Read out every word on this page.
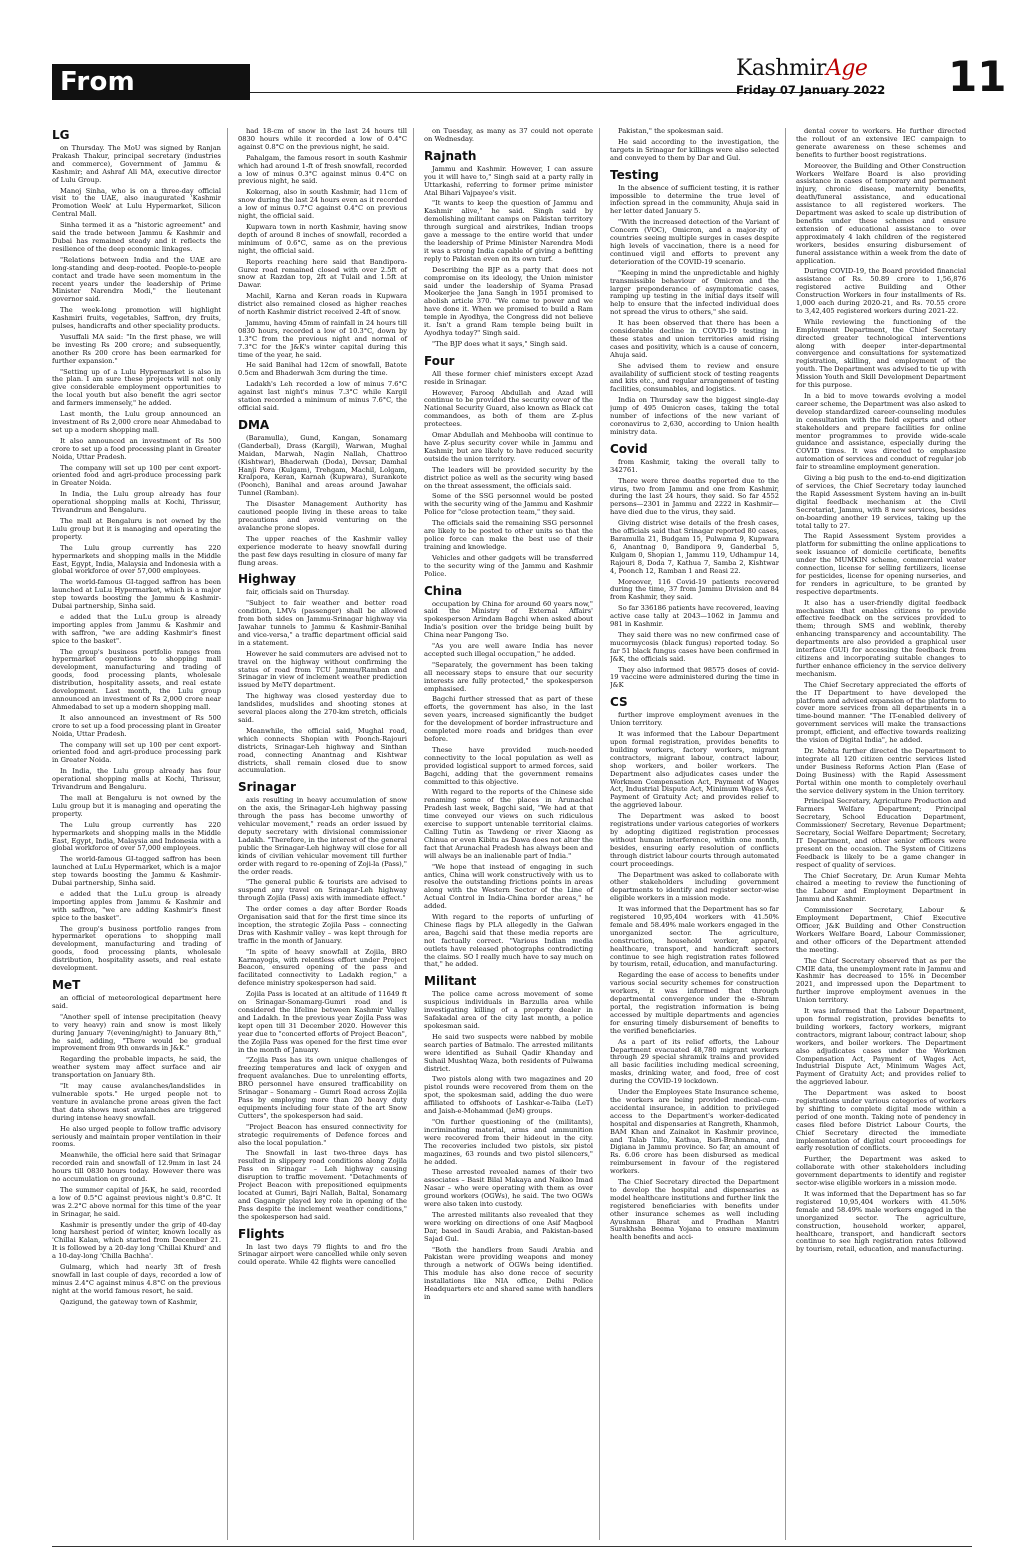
From Page....01
KashmirAge
Friday 07 January 2022	11
LG

on Thursday. The MoU was signed by Ranjan Prakash Thakur, principal secretary (industries and commerce), Government of Jammu & Kashmir; and Ashraf Ali MA, executive director of Lulu Group.

Manoj Sinha, who is on a three-day official visit to the UAE, also inaugurated 'Kashmir Promotion Week' at Lulu Hypermarket, Silicon Central Mall.

Sinha termed it as a "historic agreement" and said the trade between Jammu & Kashmir and Dubai has remained steady and it reflects the resilience of the deep economic linkages.

"Relations between India and the UAE are long-standing and deep-rooted. People-to-people contact and trade have seen momentum in the recent years under the leadership of Prime Minister Narendra Modi," the lieutenant governor said.

The week-long promotion will highlight Kashmiri fruits, vegetables, Saffron, dry fruits, pulses, handicrafts and other speciality products.

Yusuffali MA said: "In the first phase, we will be investing Rs 200 crore; and subsequently, another Rs 200 crore has been earmarked for further expansion."

"Setting up of a Lulu Hypermarket is also in the plan. I am sure these projects will not only give considerable employment opportunities to the local youth but also benefit the agri sector and farmers immensely," he added.

Last month, the Lulu group announced an investment of Rs 2,000 crore near Ahmedabad to set up a modern shopping mall.

It also announced an investment of Rs 500 crore to set up a food processing plant in Greater Noida, Uttar Pradesh.

The company will set up 100 per cent export-oriented food and agri-produce processing park in Greater Noida.

In India, the Lulu group already has four operational shopping malls at Kochi, Thrissur, Trivandrum and Bengaluru.

The mall at Bengaluru is not owned by the Lulu group but it is managing and operating the property.

The Lulu group currently has 220 hypermarkets and shopping malls in the Middle East, Egypt, India, Malaysia and Indonesia with a global workforce of over 57,000 employees.

The world-famous GI-tagged saffron has been launched at LuLu Hypermarket, which is a major step towards boosting the Jammu & Kashmir-Dubai partnership, Sinha said.

e added that the LuLu group is already importing apples from Jammu & Kashmir and with saffron, "we are adding Kashmir's finest spice to the basket".

The group's business portfolio ranges from hypermarket operations to shopping mall development, manufacturing and trading of goods, food processing plants, wholesale distribution, hospitality assets, and real estate development. Last month, the Lulu group announced an investment of Rs 2,000 crore near Ahmedabad to set up a modern shopping mall.

It also announced an investment of Rs 500 crore to set up a food processing plant in Greater Noida, Uttar Pradesh.

The company will set up 100 per cent export-oriented food and agri-produce processing park in Greater Noida.

In India, the Lulu group already has four operational shopping malls at Kochi, Thrissur, Trivandrum and Bengaluru.

The mall at Bengaluru is not owned by the Lulu group but it is managing and operating the property.

The Lulu group currently has 220 hypermarkets and shopping malls in the Middle East, Egypt, India, Malaysia and Indonesia with a global workforce of over 57,000 employees.

The world-famous GI-tagged saffron has been launched at LuLu Hypermarket, which is a major step towards boosting the Jammu & Kashmir-Dubai partnership, Sinha said.

e added that the LuLu group is already importing apples from Jammu & Kashmir and with saffron, "we are adding Kashmir's finest spice to the basket".

The group's business portfolio ranges from hypermarket operations to shopping mall development, manufacturing and trading of goods, food processing plants, wholesale distribution, hospitality assets, and real estate development.

MeT

an official of meteorological department here said.

"Another spell of intense precipitation (heavy to very heavy) rain and snow is most likely during January 7(evening/night) to January 8th," he said, adding, "There would be gradual improvement from 9th onwards in J&K."

Regarding the probable impacts, he said, the weather system may affect surface and air transportation on January 8th.

"It may cause avalanches/landslides in vulnerable spots." He urged people not to venture in avalanche prone areas given the fact that data shows most avalanches are triggered during intense heavy snowfall.

He also urged people to follow traffic advisory seriously and maintain proper ventilation in their rooms.

Meanwhile, the official here said that Srinagar recorded rain and snowfall of 12.9mm in last 24 hours till 0830 hours today. However there was no accumulation on ground.

The summer capital of J&K, he said, recorded a low of 0.5°C against previous night's 0.8°C. It was 2.2°C above normal for this time of the year in Srinagar, he said.

Kashmir is presently under the grip of 40-day long harshest period of winter, known locally as 'Chillai Kalan, which started from December 21. It is followed by a 20-day long 'Chillai Khurd' and a 10-day-long 'Chilla Bachha'.

Gulmarg, which had nearly 3ft of fresh snowfall in last couple of days, recorded a low of minus 2.4°C against minus 4.8°C on the previous night at the world famous resort, he said.

Qazigund, the gateway town of Kashmir,

had 18-cm of snow in the last 24 hours till 0830 hours while it recorded a low of 0.4°C against 0.8°C on the previous night, he said.

Pahalgam, the famous resort in south Kashmir which had around 1-ft of fresh snowfall, recorded a low of minus 0.3°C against minus 0.4°C on previous night, he said.

Kokernag, also in south Kashmir, had 11cm of snow during the last 24 hours even as it recorded a low of minus 0.7°C against 0.4°C on previous night, the official said.

Kupwara town in north Kashmir, having snow depth of around 8 inches of snowfall, recorded a minimum of 0.6°C, same as on the previous night, the official said.

Reports reaching here said that Bandipora-Gurez road remained closed with over 2.5ft of snow at Razdan top, 2ft at Tulail and 1.5ft at Dawar.

Machil, Karna and Keran roads in Kupwara district also remained closed as higher reaches of north Kashmir district received 2-4ft of snow.

Jammu, having 45mm of rainfall in 24 hours till 0830 hours, recorded a low of 10.3°C, down by 1.3°C from the previous night and normal of 7.3°C for the J&K's winter capital during this time of the year, he said.

He said Banihal had 12cm of snowfall, Batote 0.5cm and Bhaderwah 3cm during the time.

Ladakh's Leh recorded a low of minus 7.6°C against last night's minus 7.3°C while Kargil station recorded a minimum of minus 7.6°C, the official said.

DMA

(Baramulla), Gund, Kangan, Sonamarg (Ganderbal), Drass (Kargil), Warwan, Mughal Maidan, Marwah, Nagin Nallah, Chattroo (Kishtwar), Bhaderwah (Doda), Devsar, Damhal Hanji Pora (Kulgam), Trehgam, Machil, Lolgam, Kralpora, Keran, Karnah (Kupwara), Surankote (Poonch), Banihal and areas around Jawahar Tunnel (Ramban).

The Disaster Management Authority has cautioned people living in these areas to take precautions and avoid venturing on the avalanche prone slopes.

The upper reaches of the Kashmir valley experience moderate to heavy snowfall during the past few days resulting in closure of many far flung areas.

Highway

fair, officials said on Thursday.

"Subject to fair weather and better road condition, LMVs (passenger) shall be allowed from both sides on Jammu-Srinagar highway via Jawahar tunnels to Jammu & Kashmir-Banihal and vice-versa," a traffic department official said in a statement.

However he said commuters are advised not to travel on the highway without confirming the status of road from TCU Jammu/Ramban and Srinagar in view of inclement weather prediction issued by MeTY department.

The highway was closed yesterday due to landslides, mudslides and shooting stones at several places along the 270-km stretch, officials said.

Meanwhile, the official said, Mughal road, which connects Shopian with Poonch-Rajouri districts, Srinagar-Leh highway and Sinthan road, connecting Anantnag and Kishtwar districts, shall remain closed due to snow accumulation.

Srinagar

axis resulting in heavy accumulation of snow on the axis, the Srinagar-Leh highway passing through the pass has become unworthy of vehicular movement," reads an order issued by deputy secretary with divisional commissioner Ladakh. "Therefore, in the interest of the general public the Srinagar-Leh highway will close for all kinds of civilian vehicular movement till further order with regard to re-opening of Zoji-la (Pass)," the order reads.

"The general public & tourists are advised to suspend any travel on Srinagar-Leh highway through Zojila (Pass) axis with immediate effect."

The order comes a day after Border Roads Organisation said that for the first time since its inception, the strategic Zojila Pass – connecting Dras with Kashmir valley – was kept through for traffic in the month of January.

"In spite of heavy snowfall at Zojila, BRO Karmayogis, with relentless effort under Project Beacon, ensured opening of the pass and facilitated connectivity to Ladakh region," a defence ministry spokesperson had said.

Zojila Pass is located at an altitude of 11649 ft on Srinagar-Sonamarg-Gumri road and is considered the lifeline between Kashmir Valley and Ladakh. In the previous year Zojila Pass was kept open till 31 December 2020. However this year due to "concerted efforts of Project Beacon", the Zojila Pass was opened for the first time ever in the month of January.

"Zojila Pass has its own unique challenges of freezing temperatures and lack of oxygen and frequent avalanches. Due to unrelenting efforts, BRO personnel have ensured trafficability on Srinagar – Sonamarg – Gumri Road across Zojila Pass by employing more than 20 heavy duty equipments including four state of the art Snow Cutters", the spokesperson had said.

"Project Beacon has ensured connectivity for strategic requirements of Defence forces and also the local population."

The Snowfall in last two-three days has resulted in slippery road conditions along Zojila Pass on Srinagar – Leh highway causing disruption to traffic movement. "Detachments of Project Beacon with prepositioned equipments located at Gumri, Bajri Nallah, Baltal, Sonamarg and Gagangir played key role in opening of the Pass despite the inclement weather conditions," the spokesperson had said.

Flights

In last two days 79 flights to and fro the Srinagar airport were cancelled while only seven could operate. While 42 flights were cancelled

on Tuesday, as many as 37 could not operate on Wednesday.

Rajnath

Jammu and Kashmir. However, I can assure you it will have to," Singh said at a party rally in Uttarkashi, referring to former prime minister Atal Bihari Vajpayee's visit.

"It wants to keep the question of Jammu and Kashmir alive," he said. Singh said by demolishing militant camps on Pakistan territory through surgical and airstrikes, Indian troops gave a message to the entire world that under the leadership of Prime Minister Narendra Modi it was a strong India capable of giving a befitting reply to Pakistan even on its own turf.

Describing the BJP as a party that does not compromise on its ideology, the Union minister said under the leadership of Syama Prasad Mookerjee the Jana Sangh in 1951 promised to abolish article 370. "We came to power and we have done it. When we promised to build a Ram temple in Ayodhya, the Congress did not believe it. Isn't a grand Ram temple being built in Ayodhya today?" Singh said.

"The BJP does what it says," Singh said.

Four

All these former chief ministers except Azad reside in Srinagar.

However, Farooq Abdullah and Azad will continue to be provided the security cover of the National Security Guard, also known as Black cat commandoes, as both of them are Z-plus protectees.

Omar Abdullah and Mehbooba will continue to have Z-plus security cover while in Jammu and Kashmir, but are likely to have reduced security outside the union territory.

The leaders will be provided security by the district police as well as the security wing based on the threat assessment, the officials said.

Some of the SSG personnel would be posted with the security wing of the Jammu and Kashmir Police for "close protection team," they said.

The officials said the remaining SSG personnel are likely to be posted to other units so that the police force can make the best use of their training and knowledge.

Vehicles and other gadgets will be transferred to the security wing of the Jammu and Kashmir Police.

China

occupation by China for around 60 years now," said the Ministry of External Affairs' spokesperson Arindam Bagchi when asked about India's position over the bridge being built by China near Pangong Tso.

"As you are well aware India has never accepted such illegal occupation," he added.

"Separately, the government has been taking all necessary steps to ensure that our security interests are fully protected," the spokesperson emphasised.

Bagchi further stressed that as part of these efforts, the government has also, in the last seven years, increased significantly the budget for the development of border infrastructure and completed more roads and bridges than ever before.

These have provided much-needed connectivity to the local population as well as provided logistical support to armed forces, said Bagchi, adding that the government remains committed to this objective.

With regard to the reports of the Chinese side renaming some of the places in Arunachal Pradesh last week, Bagchi said, "We had at that time conveyed our views on such ridiculous exercise to support untenable territorial claims. Calling Tutin as Tawdeng or river Xiaong as Chinua or even Kibitu as Dawa does not alter the fact that Arunachal Pradesh has always been and will always be an inalienable part of India."

"We hope that instead of engaging in such antics, China will work constructively with us to resolve the outstanding frictions points in areas along with the Western Sector of the Line of Actual Control in India-China border areas," he added.

With regard to the reports of unfurling of Chinese flags by PLA allegedly in the Galwan area, Bagchi said that these media reports are not factually correct. "Various Indian media outlets have released photographs contradicting the claims. SO I really much have to say much on that," he added.

Militant

The police came across movement of some suspicious individuals in Barzulla area while investigating killing of a property dealer in Safakadal area of the city last month, a police spokesman said.

He said two suspects were nabbed by mobile search parties of Batmalo. The arrested militants were identified as Suhail Qadir Khanday and Suhail Mushtaq Waza, both residents of Pulwama district.

Two pistols along with two magazines and 20 pistol rounds were recovered from them on the spot, the spokesman said, adding the duo were affiliated to offshoots of Lashkar-e-Taiba (LeT) and Jaish-e-Mohammad (JeM) groups.

"On further questioning of the (militants), incriminating material, arms and ammunition were recovered from their hideout in the city. The recoveries included two pistols, six pistol magazines, 63 rounds and two pistol silencers," he added.

These arrested revealed names of their two associates – Basit Bilal Makaya and Naikoo Imad Nasar – who were operating with them as over ground workers (OGWs), he said. The two OGWs were also taken into custody.

The arrested militants also revealed that they were working on directions of one Asif Maqbool Dar, based in Saudi Arabia, and Pakistan-based Sajad Gul.

"Both the handlers from Saudi Arabia and Pakistan were providing weapons and money through a network of OGWs being identified. This module has also done recce of security installations like NIA office, Delhi Police Headquarters etc and shared same with handlers in

Pakistan," the spokesman said.

He said according to the investigation, the targets in Srinagar for killings were also selected and conveyed to them by Dar and Gul.

Testing

In the absence of sufficient testing, it is rather impossible to determine the true level of infection spread in the community, Ahuja said in her letter dated January 5.

"With the increased detection of the Variant of Concern (VOC), Omicron, and a major-ity of countries seeing multiple surges in cases despite high levels of vaccination, there is a need for continued vigil and efforts to prevent any deterioration of the COVID-19 scenario.

"Keeping in mind the unpredictable and highly transmissible behaviour of Omicron and the larger preponderance of asymptomatic cases, ramping up testing in the initial days itself will help to ensure that the infected individual does not spread the virus to others," she said.

It has been observed that there has been a considerable decline in COVID-19 testing in these states and union territories amid rising cases and positivity, which is a cause of concern, Ahuja said.

She advised them to review and ensure availability of sufficient stock of testing reagents and kits etc., and regular arrangement of testing facilities, consumables, and logistics.

India on Thursday saw the biggest single-day jump of 495 Omicron cases, taking the total number of infections of the new variant of coronavirus to 2,630, according to Union health ministry data.

Covid

from Kashmir, taking the overall tally to 342761.

There were three deaths reported due to the virus, two from Jammu and one from Kashmir, during the last 24 hours, they said. So far 4552 persons—2301 in Jammu and 2222 in Kashmir—have died due to the virus, they said.

Giving district wise details of the fresh cases, the officials said that Srinagar reported 80 cases, Baramulla 21, Budgam 15, Pulwama 9, Kupwara 6, Anantnag 0, Bandipora 9, Ganderbal 5, Kulgam 0, Shopian 1, Jammu 119, Udhampur 14, Rajouri 8, Doda 7, Kathua 7, Samba 2, Kishtwar 4, Poonch 12, Ramban 1 and Reasi 22.

Moreover, 116 Covid-19 patients recovered during the time, 37 from Jammu Division and 84 from Kashmir, they said.

So far 336186 patients have recovered, leaving active case tally at 2043—1062 in Jammu and 981 in Kashmir.

They said there was no new confirmed case of mucormycosis (black fungus) reported today. So far 51 black fungus cases have been confirmed in J&K, the officials said.

They also informed that 98575 doses of covid-19 vaccine were administered during the time in J&K

CS

further improve employment avenues in the Union territory.

It was informed that the Labour Department upon formal registration, provides benefits to building workers, factory workers, migrant contractors, migrant labour, contract labour, shop workers, and boiler workers. The Department also adjudicates cases under the Workmen Compensation Act, Payment of Wages Act, Industrial Dispute Act, Minimum Wages Act, Payment of Gratuity Act; and provides relief to the aggrieved labour.

The Department was asked to boost registrations under various categories of workers by adopting digitized registration processes without human interference, within one month, besides, ensuring early resolution of conflicts through district labour courts through automated court proceedings.

The Department was asked to collaborate with other stakeholders including government departments to identify and register sector-wise eligible workers in a mission mode.

It was informed that the Department has so far registered 10,95,404 workers with 41.50% female and 58.49% male workers engaged in the unorganized sector. The agriculture, construction, household worker, apparel, healthcare, transport, and handicraft sectors continue to see high registration rates followed by tourism, retail, education, and manufacturing.

Regarding the ease of access to benefits under various social security schemes for construction workers, it was informed that through departmental convergence under the e-Shram portal, the registration information is being accessed by multiple departments and agencies for ensuring timely disbursement of benefits to the verified beneficiaries.

As a part of its relief efforts, the Labour Department evacuated 48,780 migrant workers through 29 special shramik trains and provided all basic facilities including medical screening, masks, drinking water, and food, free of cost during the COVID-19 lockdown.

Under the Employees State Insurance scheme, the workers are being provided medical-cum-accidental insurance, in addition to privileged access to the Department's worker-dedicated hospital and dispensaries at Rangreth, Khanmoh, BAM Khan and Zainakot in Kashmir province, and Talab Tillo, Kathua, Bari-Brahmana, and Digiana in Jammu province. So far, an amount of Rs. 6.06 crore has been disbursed as medical reimbursement in favour of the registered workers.

The Chief Secretary directed the Department to develop the hospital and dispensaries as model healthcare institutions and further link the registered beneficiaries with benefits under other insurance schemes as well including Ayushman Bharat and Pradhan Mantri Surakhsha Beema Yojana to ensure maximum health benefits and acci-

dental cover to workers. He further directed the rollout of an extensive IEC campaign to generate awareness on these schemes and benefits to further boost registrations.

Moreover, the Building and Other Construction Workers Welfare Board is also providing assistance in cases of temporary and permanent injury, chronic disease, maternity benefits, death/funeral assistance, and educational assistance to all registered workers. The Department was asked to scale up distribution of benefits under these schemes and ensure extension of educational assistance to over approximately 4 lakh children of the registered workers, besides ensuring disbursement of funeral assistance within a week from the date of application.

During COVID-19, the Board provided financial assistance of Rs. 50.89 crore to 1,56,876 registered active Building and Other Construction Workers in four installments of Rs. 1,000 each during 2020-21, and Rs. 70.55 crore to 3,42,405 registered workers during 2021-22.

While reviewing the functioning of the Employment Department, the Chief Secretary directed greater technological interventions along with deeper inter-departmental convergence and consultations for systematized registration, skilling, and employment of the youth. The Department was advised to tie up with Mission Youth and Skill Development Department for this purpose.

In a bid to move towards evolving a model career scheme, the Department was also asked to develop standardized career-counseling modules in consultation with the field experts and other stakeholders and prepare facilities for online mentor programmes to provide wide-scale guidance and assistance, especially during the COVID times. It was directed to emphasize automation of services and conduct of regular job fair to streamline employment generation.

Giving a big push to the end-to-end digitization of services, the Chief Secretary today launched the Rapid Assessment System having an in-built digital feedback mechanism at the Civil Secretariat, Jammu, with 8 new services, besides on-boarding another 19 services, taking up the total tally to 27.

The Rapid Assessment System provides a platform for submitting the online applications to seek issuance of domicile certificate, benefits under the MUMKIN scheme, commercial water connection, license for selling fertilizers, license for pesticides, license for opening nurseries, and for renders in agriculture, to be granted by respective departments.

It also has a user-friendly digital feedback mechanism that enables citizens to provide effective feedback on the services provided to them; through SMS and weblink, thereby enhancing transparency and accountability. The departments are also provided a graphical user interface (GUI) for accessing the feedback from citizens and incorporating suitable changes to further enhance efficiency in the service delivery mechanism.

The Chief Secretary appreciated the efforts of the IT Department to have developed the platform and advised expansion of the platform to cover more services from all departments in a time-bound manner. "The IT-enabled delivery of government services will make the transactions prompt, efficient, and effective towards realizing the vision of Digital India", he added.

Dr. Mehta further directed the Department to integrate all 120 citizen centric services listed under Business Reforms Action Plan (Ease of Doing Business) with the Rapid Assessment Portal within one month to completely overhaul the service delivery system in the Union territory.

Principal Secretary, Agriculture Production and Farmers Welfare Department; Principal Secretary, School Education Department, Commissioner/ Secretary, Revenue Department; Secretary, Social Welfare Department; Secretary, IT Department, and other senior officers were present on the occasion. The System of Citizens Feedback is likely to be a game changer in respect of quality of services.

The Chief Secretary, Dr. Arun Kumar Mehta chaired a meeting to review the functioning of the Labour and Employment Department in Jammu and Kashmir.

Commissioner Secretary, Labour & Employment Department, Chief Executive Officer, J&K Building and Other Construction Workers Welfare Board, Labour Commissioner, and other officers of the Department attended the meeting.

The Chief Secretary observed that as per the CMIE data, the unemployment rate in Jammu and Kashmir has decreased to 15% in December 2021, and impressed upon the Department to further improve employment avenues in the Union territory.

It was informed that the Labour Department, upon formal registration, provides benefits to building workers, factory workers, migrant contractors, migrant labour, contract labour, shop workers, and boiler workers. The Department also adjudicates cases under the Workmen Compensation Act, Payment of Wages Act, Industrial Dispute Act, Minimum Wages Act, Payment of Gratuity Act; and provides relief to the aggrieved labour.

The Department was asked to boost registrations under various categories of workers by shifting to complete digital mode within a period of one month. Taking note of pendency in cases filed before District Labour Courts, the Chief Secretary directed the immediate implementation of digital court proceedings for early resolution of conflicts.

Further, the Department was asked to collaborate with other stakeholders including government departments to identify and register sector-wise eligible workers in a mission mode.

It was informed that the Department has so far registered 10,95,404 workers with 41.50% female and 58.49% male workers engaged in the unorganized sector. The agriculture, construction, household worker, apparel, healthcare, transport, and handicraft sectors continue to see high registration rates followed by tourism, retail, education, and manufacturing.
